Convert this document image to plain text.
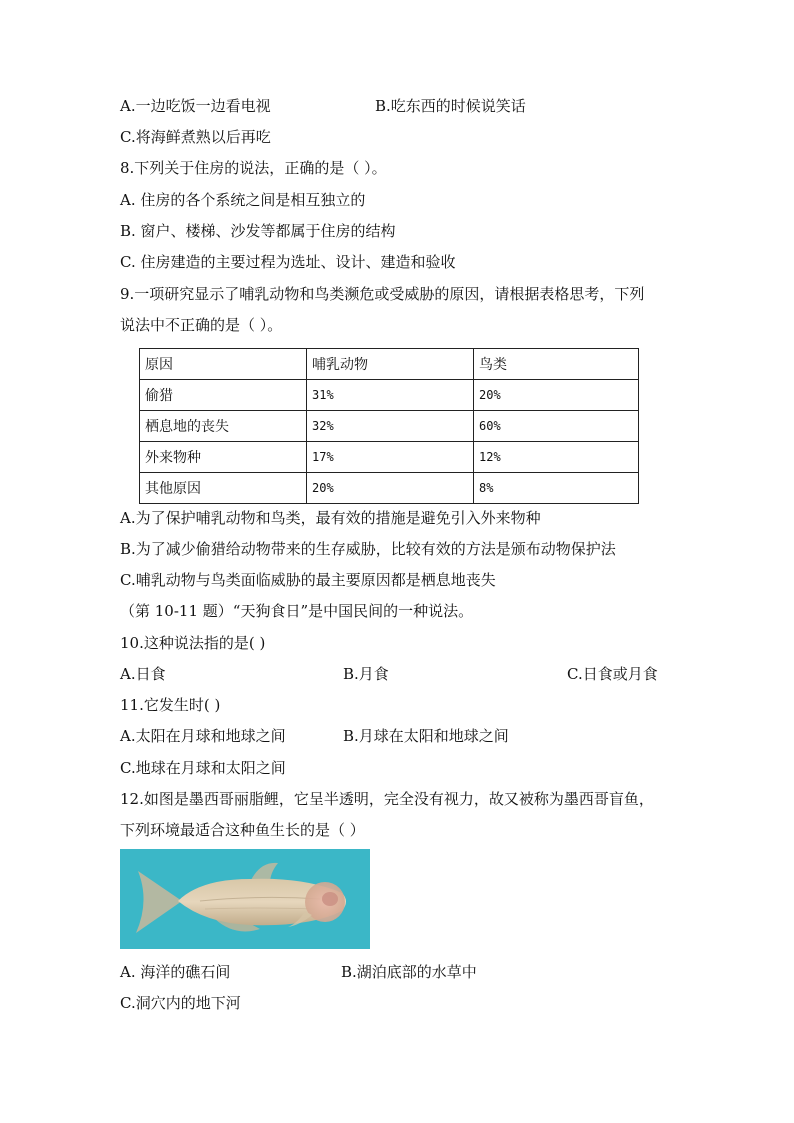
A.一边吃饭一边看电视	B.吃东西的时候说笑话
C.将海鲜煮熟以后再吃
8.下列关于住房的说法，正确的是（ ）。
A. 住房的各个系统之间是相互独立的
B. 窗户、楼梯、沙发等都属于住房的结构
C. 住房建造的主要过程为选址、设计、建造和验收
9.一项研究显示了哺乳动物和鸟类濒危或受威胁的原因，请根据表格思考，下列
说法中不正确的是（ ）。
原因	哺乳动物	鸟类
偷猎	31%	20%
栖息地的丧失	32%	60%
外来物种	17%	12%
其他原因	20%	8%
A.为了保护哺乳动物和鸟类，最有效的措施是避免引入外来物种
B.为了减少偷猎给动物带来的生存威胁，比较有效的方法是颁布动物保护法
C.哺乳动物与鸟类面临威胁的最主要原因都是栖息地丧失
（第 10-11 题）“天狗食日”是中国民间的一种说法。
10.这种说法指的是( )
A.日食	B.月食	C.日食或月食
11.它发生时( )
A.太阳在月球和地球之间	B.月球在太阳和地球之间
C.地球在月球和太阳之间
12.如图是墨西哥丽脂鲤，它呈半透明，完全没有视力，故又被称为墨西哥盲鱼，
下列环境最适合这种鱼生长的是（ ）
A. 海洋的礁石间	B.湖泊底部的水草中
C.洞穴内的地下河
